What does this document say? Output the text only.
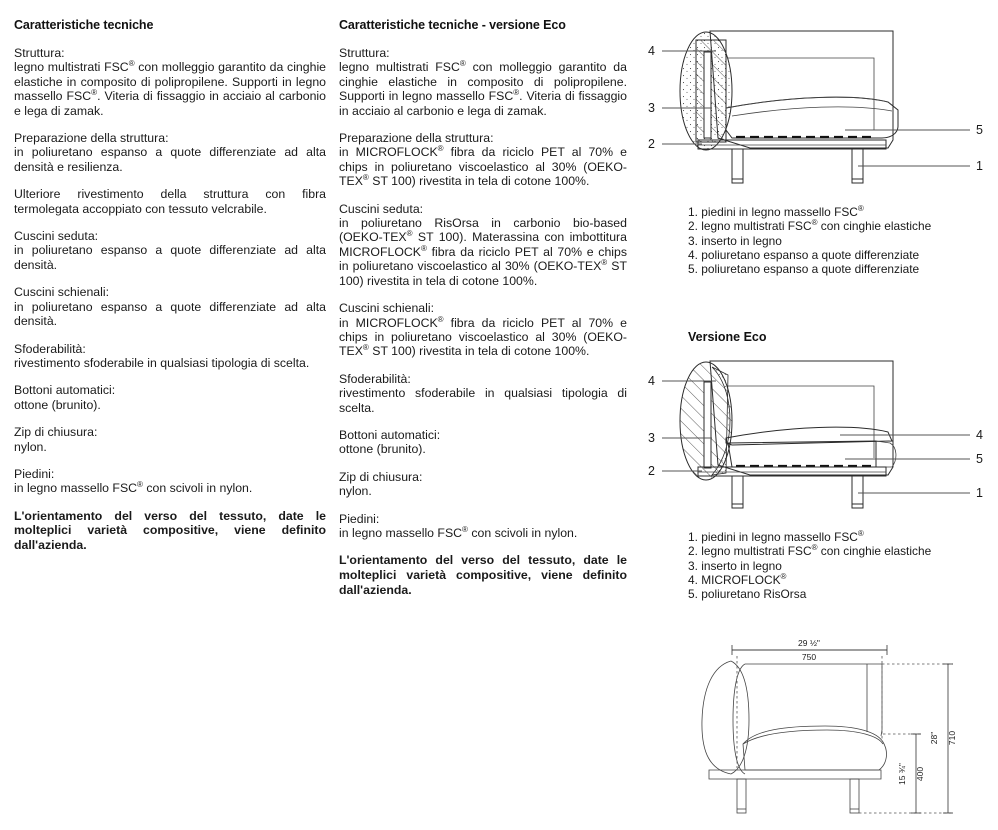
Caratteristiche tecniche

Struttura:

legno multistrati FSC® con molleggio garantito da cinghie elastiche in composito di polipropilene. Supporti in legno massello FSC®. Viteria di fissaggio in acciaio al carbonio e lega di zamak.

Preparazione della struttura:

in poliuretano espanso a quote differenziate ad alta densità e resilienza.

Ulteriore rivestimento della struttura con fibra termolegata accoppiato con tessuto velcrabile.

Cuscini seduta:

in poliuretano espanso a quote differenziate ad alta densità.

Cuscini schienali:

in poliuretano espanso a quote differenziate ad alta densità.

Sfoderabilità:

rivestimento sfoderabile in qualsiasi tipologia di scelta.

Bottoni automatici:

ottone (brunito).

Zip di chiusura:

nylon.

Piedini:

in legno massello FSC® con scivoli in nylon.

L'orientamento del verso del tessuto, date le molteplici varietà compositive, viene definito dall'azienda.

Caratteristiche tecniche - versione Eco

Struttura:

legno multistrati FSC® con molleggio garantito da cinghie elastiche in composito di polipropilene. Supporti in legno massello FSC®. Viteria di fissaggio in acciaio al carbonio e lega di zamak.

Preparazione della struttura:

in MICROFLOCK® fibra da riciclo PET al 70% e chips in poliuretano viscoelastico al 30% (OEKO-TEX® ST 100) rivestita in tela di cotone 100%.

Cuscini seduta:

in poliuretano RisOrsa in carbonio bio-based (OEKO-TEX® ST 100). Materassina con imbottitura MICROFLOCK® fibra da riciclo PET al 70% e chips in poliuretano viscoelastico al 30% (OEKO-TEX® ST 100) rivestita in tela di cotone 100%.

Cuscini schienali:

in MICROFLOCK® fibra da riciclo PET al 70% e chips in poliuretano viscoelastico al 30% (OEKO-TEX® ST 100) rivestita in tela di cotone 100%.

Sfoderabilità:

rivestimento sfoderabile in qualsiasi tipologia di scelta.

Bottoni automatici:

ottone (brunito).

Zip di chiusura:

nylon.

Piedini:

in legno massello FSC® con scivoli in nylon.

L'orientamento del verso del tessuto, date le molteplici varietà compositive, viene definito dall'azienda.

4
3
2
5
1
1. piedini in legno massello FSC®
2. legno multistrati FSC® con cinghie elastiche
3. inserto in legno
4. poliuretano espanso a quote differenziate
5. poliuretano espanso a quote differenziate
Versione Eco
4
3
2
4
5
1
1. piedini in legno massello FSC®
2. legno multistrati FSC® con cinghie elastiche
3. inserto in legno
4. MICROFLOCK®
5. poliuretano RisOrsa
29 ½"
750
28" 710
15 ¾" 400
